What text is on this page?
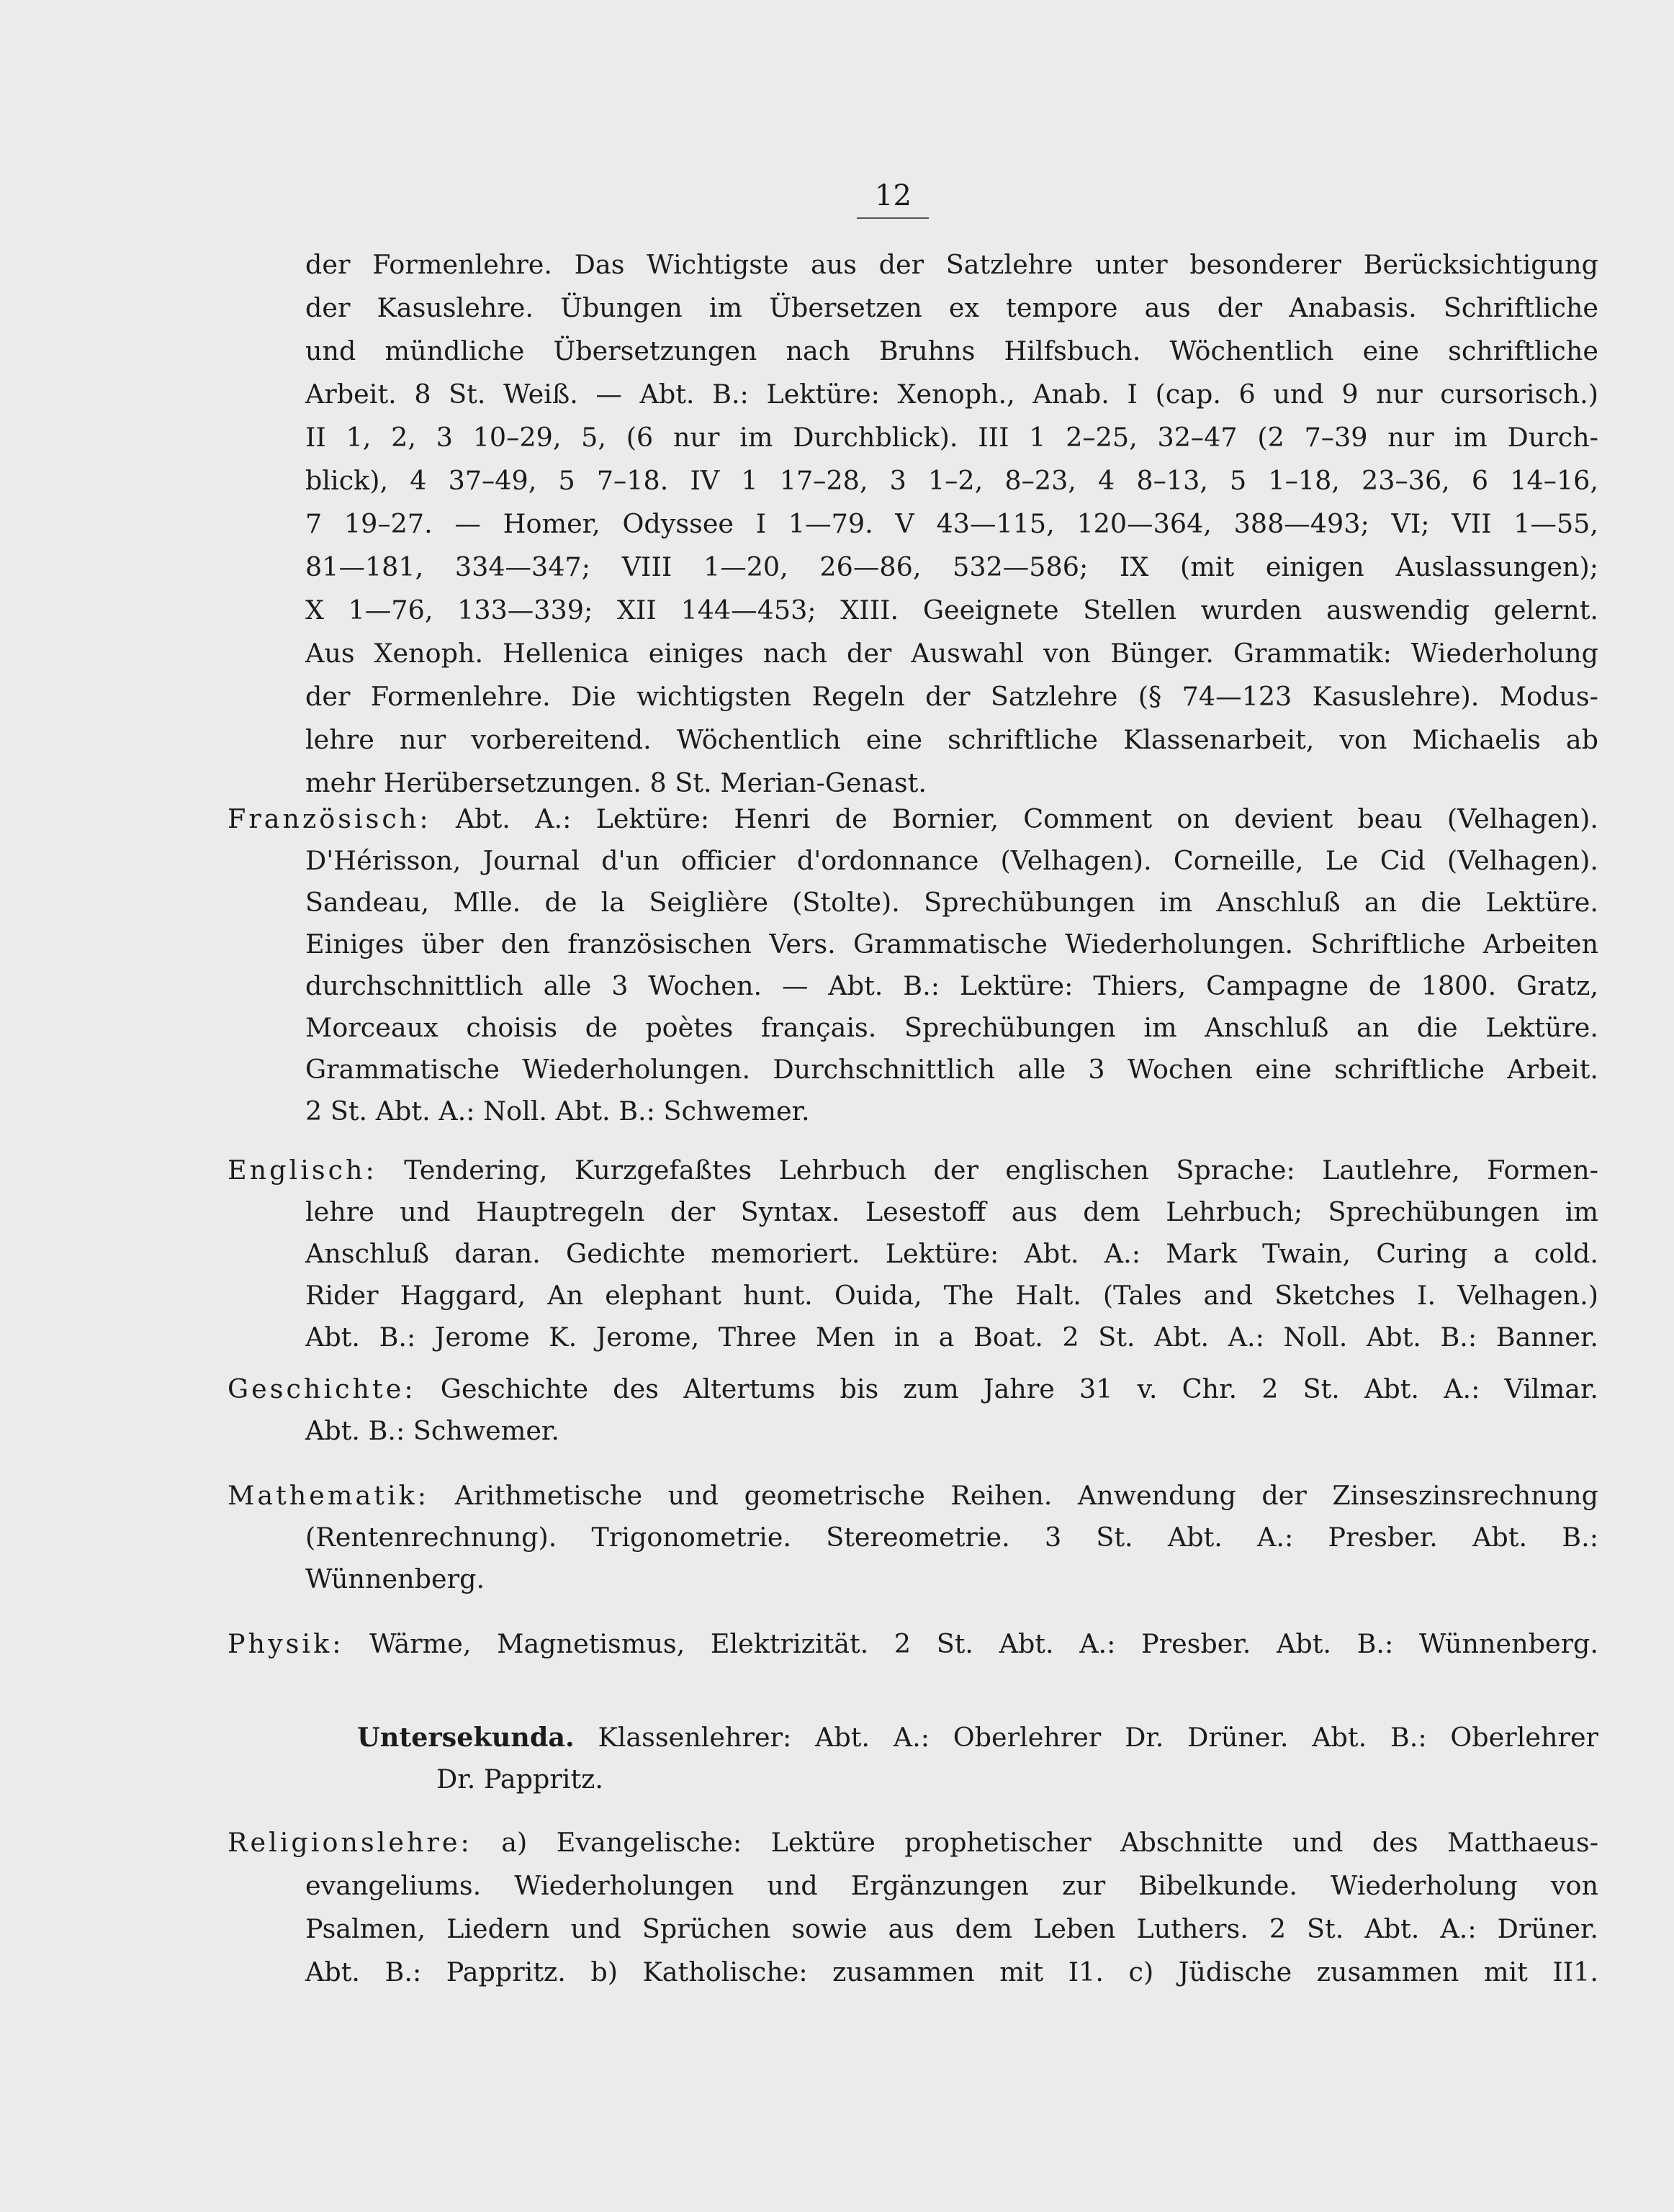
12
der Formenlehre. Das Wichtigste aus der Satzlehre unter besonderer Berücksichtigung
der Kasuslehre. Übungen im Übersetzen ex tempore aus der Anabasis. Schriftliche
und mündliche Übersetzungen nach Bruhns Hilfsbuch. Wöchentlich eine schriftliche
Arbeit. 8 St. Weiß. — Abt. B.: Lektüre: Xenoph., Anab. I (cap. 6 und 9 nur cursorisch.)
II 1, 2, 3 10–29, 5, (6 nur im Durchblick). III 1 2–25, 32–47 (2 7–39 nur im Durch-
blick), 4 37–49, 5 7–18. IV 1 17–28, 3 1–2, 8–23, 4 8–13, 5 1–18, 23–36, 6 14–16,
7 19–27. — Homer, Odyssee I 1—79. V 43—115, 120—364, 388—493; VI; VII 1—55,
81—181, 334—347; VIII 1—20, 26—86, 532—586; IX (mit einigen Auslassungen);
X 1—76, 133—339; XII 144—453; XIII. Geeignete Stellen wurden auswendig gelernt.
Aus Xenoph. Hellenica einiges nach der Auswahl von Bünger. Grammatik: Wiederholung
der Formenlehre. Die wichtigsten Regeln der Satzlehre (§ 74—123 Kasuslehre). Modus-
lehre nur vorbereitend. Wöchentlich eine schriftliche Klassenarbeit, von Michaelis ab
mehr Herübersetzungen. 8 St. Merian-Genast.
Französisch: Abt. A.: Lektüre: Henri de Bornier, Comment on devient beau (Velhagen).
D'Hérisson, Journal d'un officier d'ordonnance (Velhagen). Corneille, Le Cid (Velhagen).
Sandeau, Mlle. de la Seiglière (Stolte). Sprechübungen im Anschluß an die Lektüre.
Einiges über den französischen Vers. Grammatische Wiederholungen. Schriftliche Arbeiten
durchschnittlich alle 3 Wochen. — Abt. B.: Lektüre: Thiers, Campagne de 1800. Gratz,
Morceaux choisis de poètes français. Sprechübungen im Anschluß an die Lektüre.
Grammatische Wiederholungen. Durchschnittlich alle 3 Wochen eine schriftliche Arbeit.
2 St. Abt. A.: Noll. Abt. B.: Schwemer.
Englisch: Tendering, Kurzgefaßtes Lehrbuch der englischen Sprache: Lautlehre, Formen-
lehre und Hauptregeln der Syntax. Lesestoff aus dem Lehrbuch; Sprechübungen im
Anschluß daran. Gedichte memoriert. Lektüre: Abt. A.: Mark Twain, Curing a cold.
Rider Haggard, An elephant hunt. Ouida, The Halt. (Tales and Sketches I. Velhagen.)
Abt. B.: Jerome K. Jerome, Three Men in a Boat. 2 St. Abt. A.: Noll. Abt. B.: Banner.
Geschichte: Geschichte des Altertums bis zum Jahre 31 v. Chr. 2 St. Abt. A.: Vilmar.
Abt. B.: Schwemer.
Mathematik: Arithmetische und geometrische Reihen. Anwendung der Zinseszinsrechnung
(Rentenrechnung). Trigonometrie. Stereometrie. 3 St. Abt. A.: Presber. Abt. B.:
Wünnenberg.
Physik: Wärme, Magnetismus, Elektrizität. 2 St. Abt. A.: Presber. Abt. B.: Wünnenberg.
Untersekunda. Klassenlehrer: Abt. A.: Oberlehrer Dr. Drüner. Abt. B.: Oberlehrer
Dr. Pappritz.
Religionslehre: a) Evangelische: Lektüre prophetischer Abschnitte und des Matthaeus-
evangeliums. Wiederholungen und Ergänzungen zur Bibelkunde. Wiederholung von
Psalmen, Liedern und Sprüchen sowie aus dem Leben Luthers. 2 St. Abt. A.: Drüner.
Abt. B.: Pappritz. b) Katholische: zusammen mit I1. c) Jüdische zusammen mit II1.
